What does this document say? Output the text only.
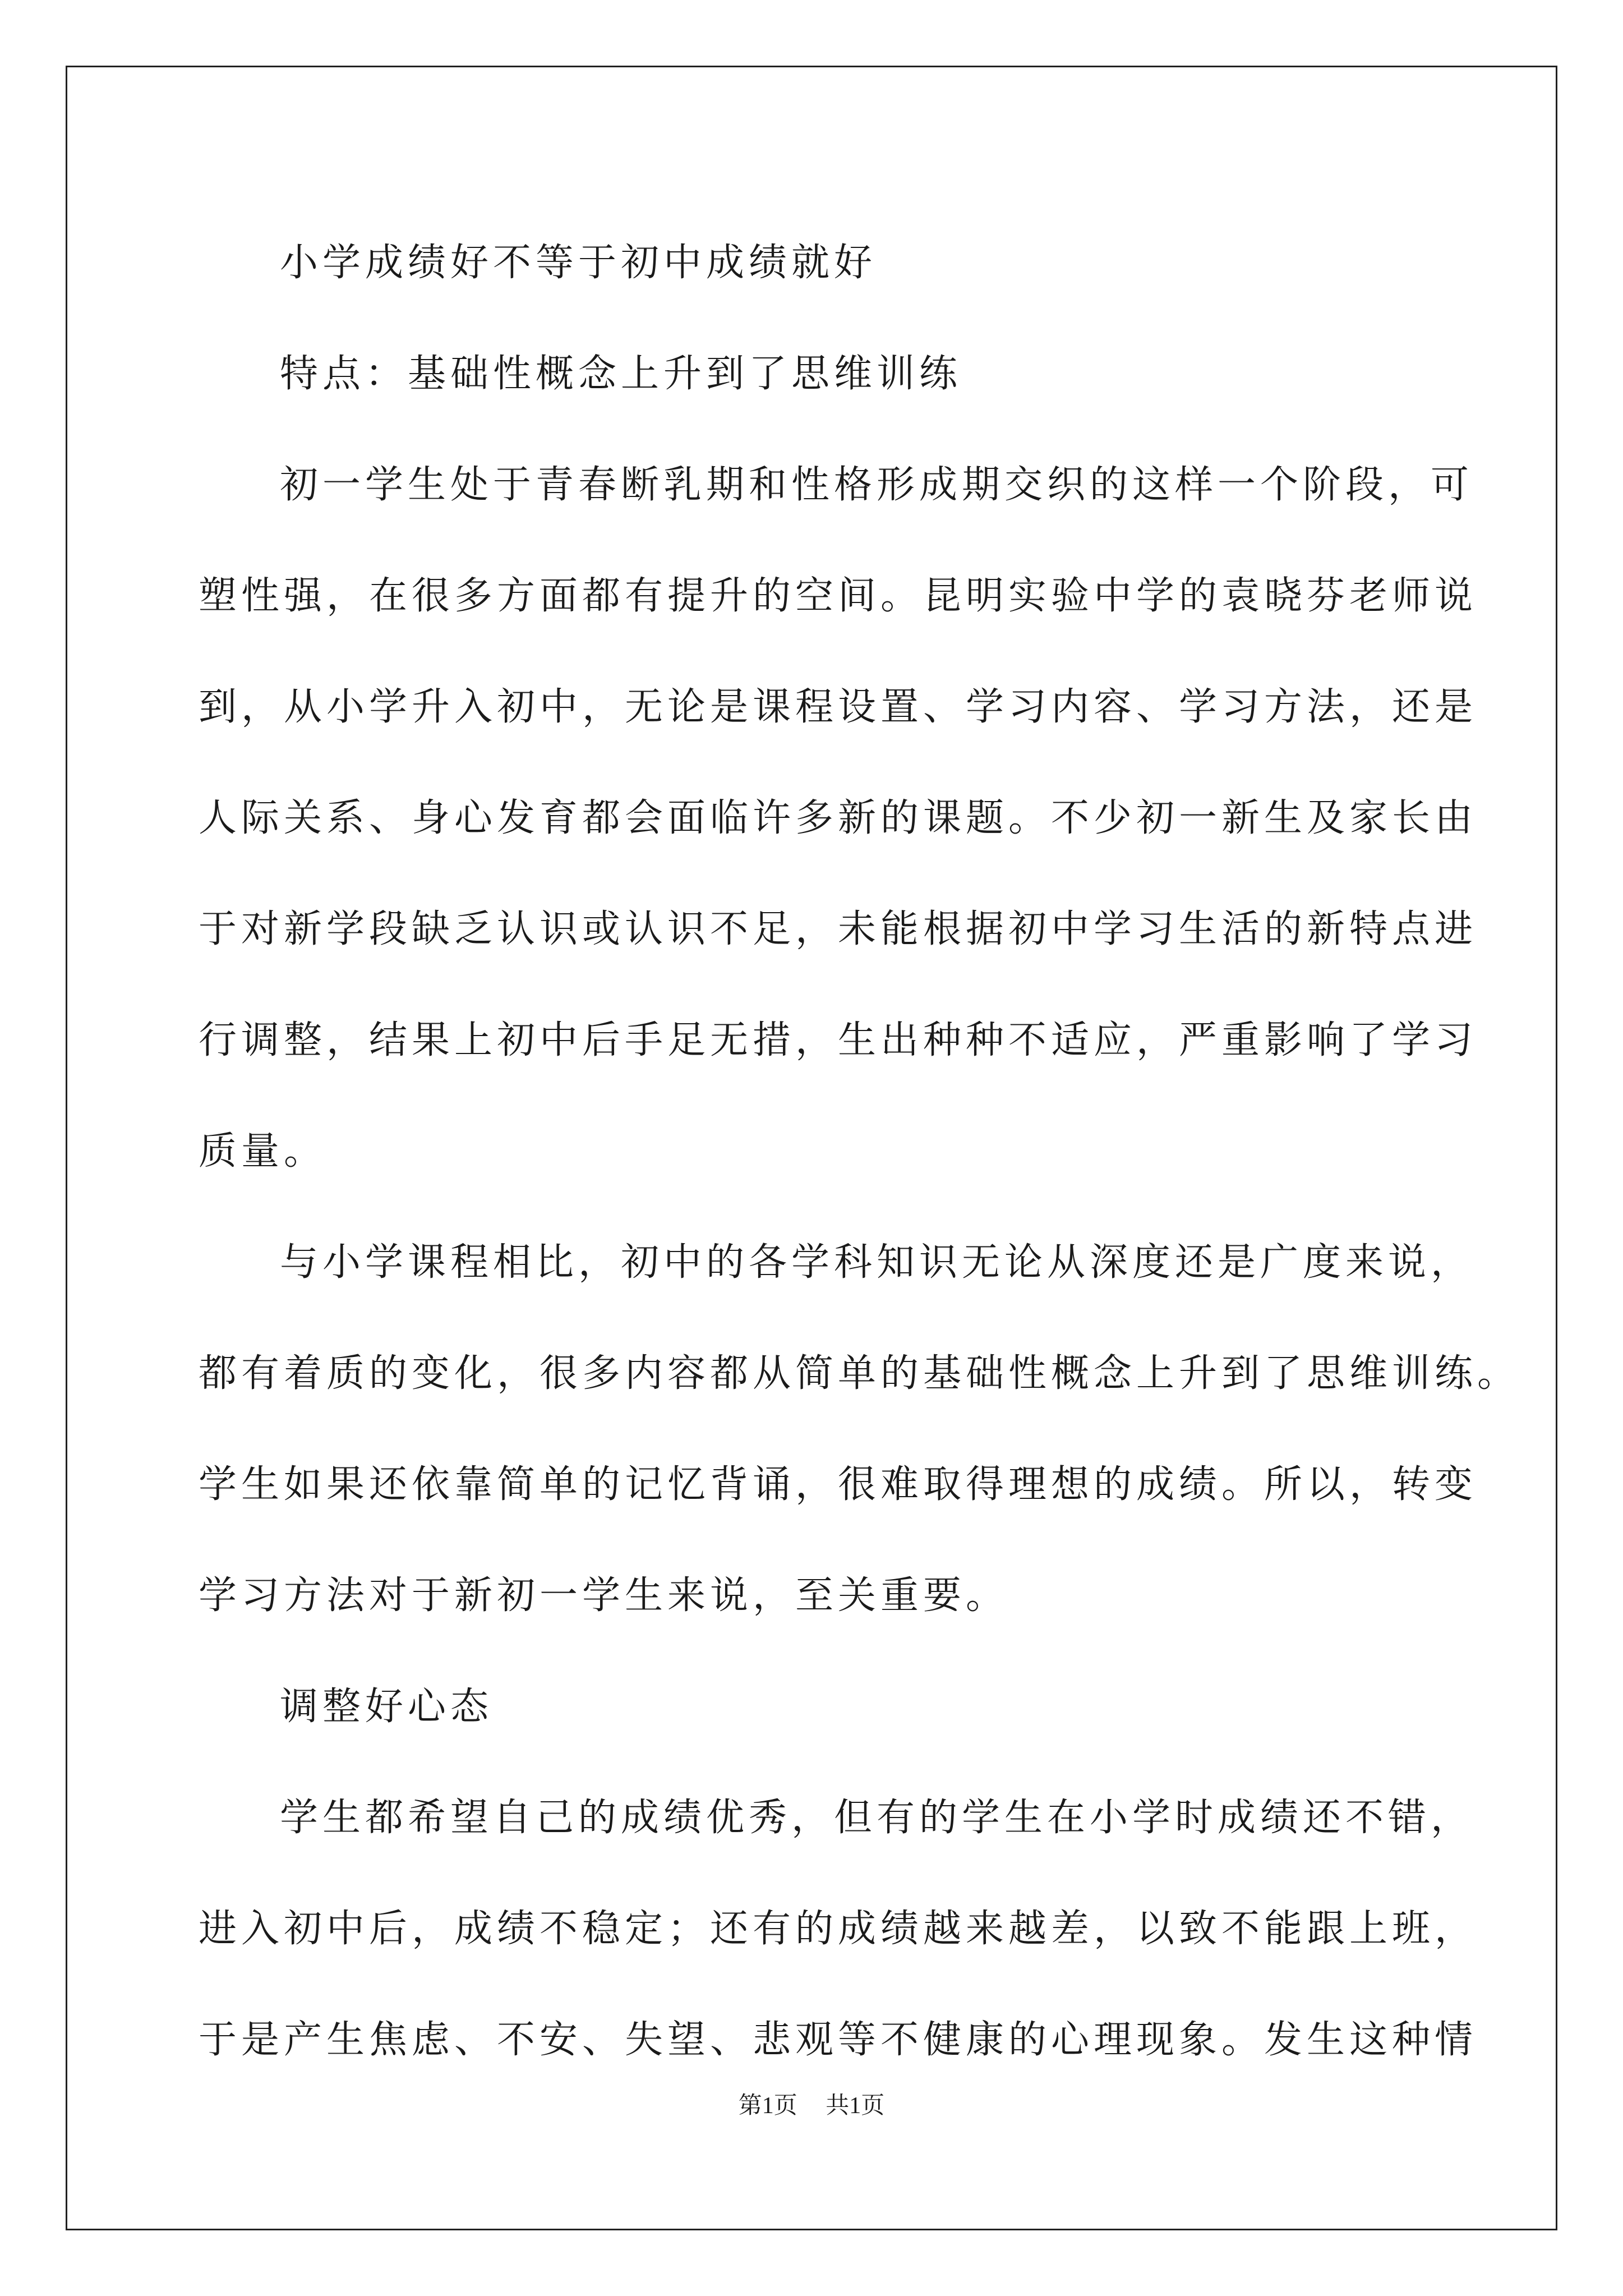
小学成绩好不等于初中成绩就好
特点：基础性概念上升到了思维训练
初一学生处于青春断乳期和性格形成期交织的这样一个阶段，可
塑性强，在很多方面都有提升的空间。昆明实验中学的袁晓芬老师说
到，从小学升入初中，无论是课程设置、学习内容、学习方法，还是
人际关系、身心发育都会面临许多新的课题。不少初一新生及家长由
于对新学段缺乏认识或认识不足，未能根据初中学习生活的新特点进
行调整，结果上初中后手足无措，生出种种不适应，严重影响了学习
质量。
与小学课程相比，初中的各学科知识无论从深度还是广度来说，
都有着质的变化，很多内容都从简单的基础性概念上升到了思维训练。
学生如果还依靠简单的记忆背诵，很难取得理想的成绩。所以，转变
学习方法对于新初一学生来说，至关重要。
调整好心态
学生都希望自己的成绩优秀，但有的学生在小学时成绩还不错，
进入初中后，成绩不稳定；还有的成绩越来越差，以致不能跟上班，
于是产生焦虑、不安、失望、悲观等不健康的心理现象。发生这种情
第1页 共1页
